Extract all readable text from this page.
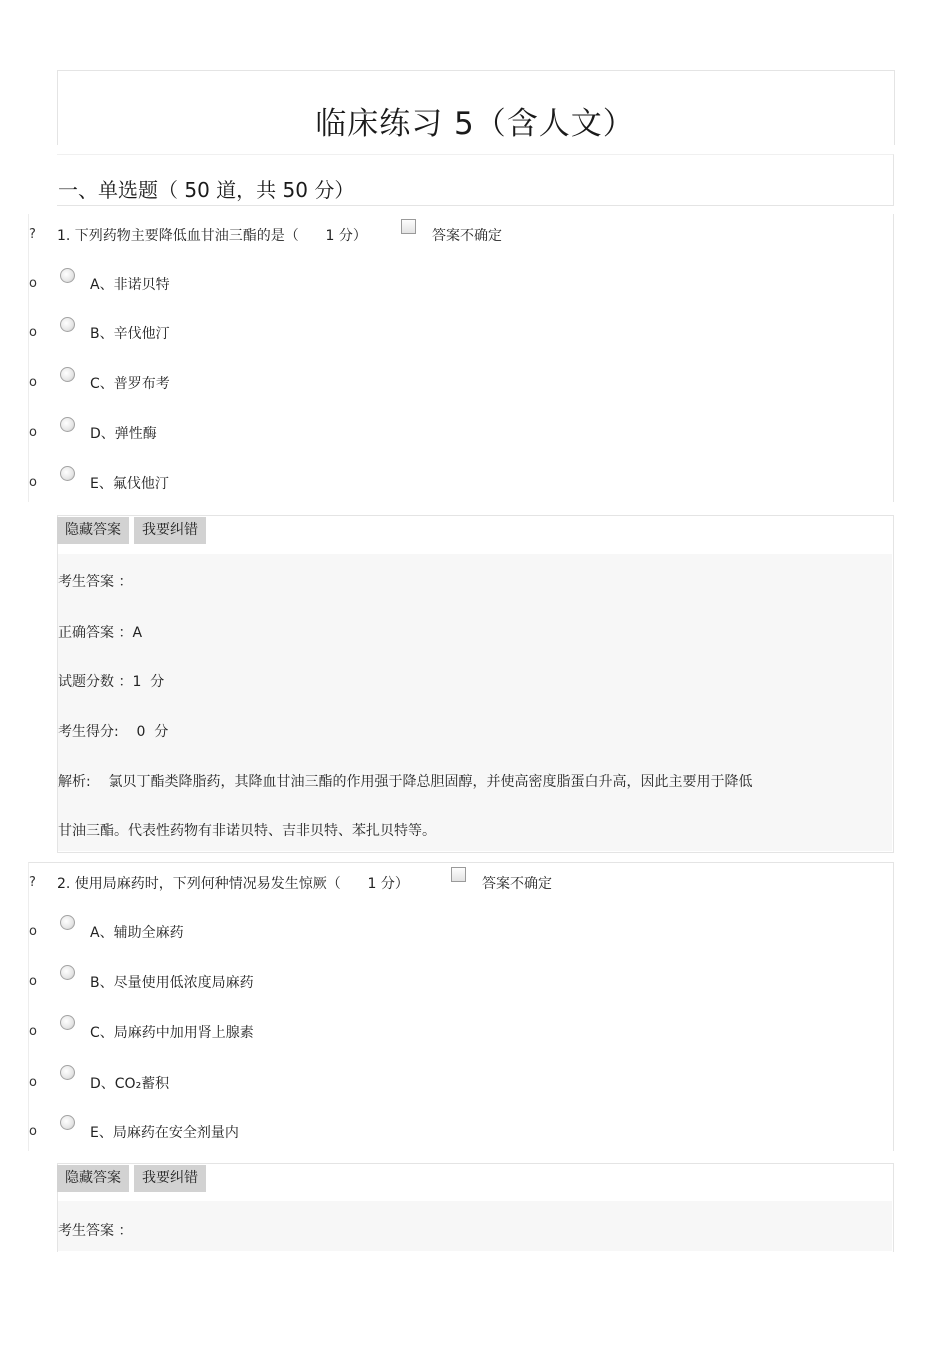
临床练习 5（含人文）
一、单选题（ 50 道，共 50 分）
? 1. 下列药物主要降低血甘油三酯的是（      1 分）	答案不确定
o	A、非诺贝特
o	B、辛伐他汀
o	C、普罗布考
o	D、弹性酶
o	E、氟伐他汀
隐藏答案	我要纠错
考生答案 ：
正确答案 ：A
试题分数 ：1  分
考生得分:    0  分
解析:    氯贝丁酯类降脂药，其降血甘油三酯的作用强于降总胆固醇，并使高密度脂蛋白升高，因此主要用于降低
甘油三酯。代表性药物有非诺贝特、吉非贝特、苯扎贝特等。
? 2. 使用局麻药时，下列何种情况易发生惊厥（      1 分）	答案不确定
o	A、辅助全麻药
o	B、尽量使用低浓度局麻药
o	C、局麻药中加用肾上腺素
o	D、CO₂蓄积
o	E、局麻药在安全剂量内
隐藏答案	我要纠错
考生答案 ：
